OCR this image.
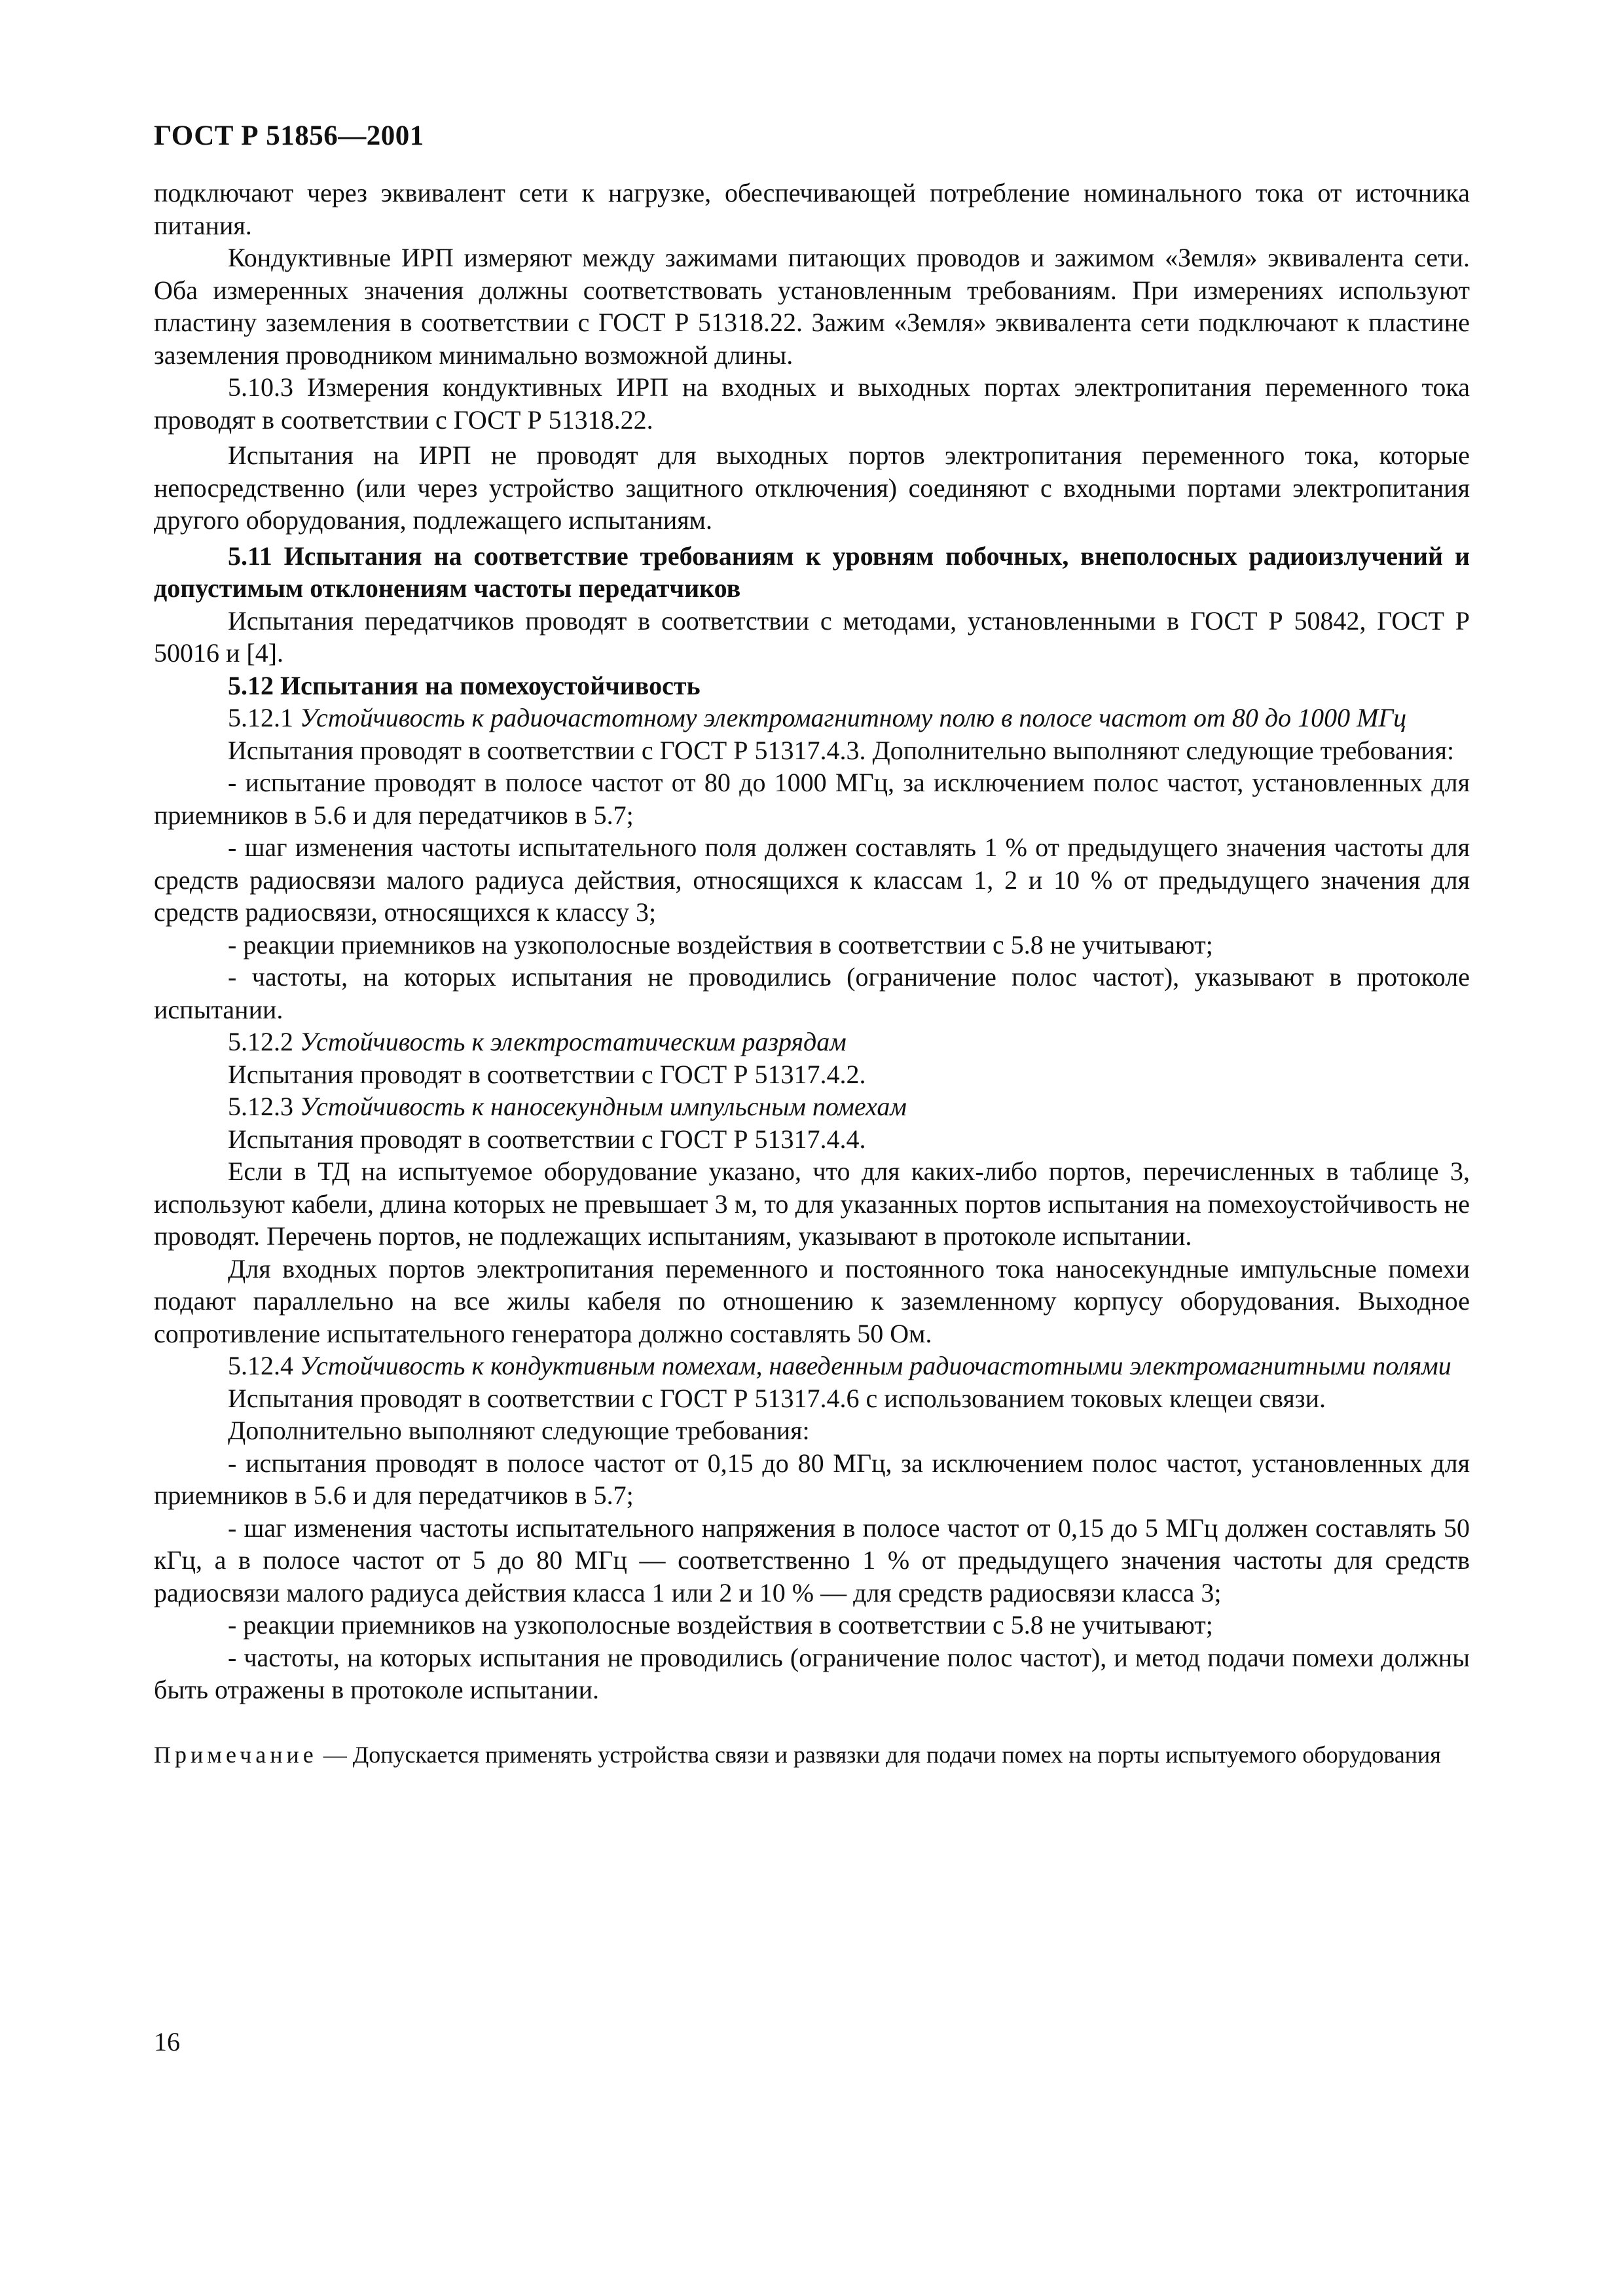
ГОСТ Р 51856—2001

подключают через эквивалент сети к нагрузке, обеспечивающей потребление номинального тока от источника питания.

Кондуктивные ИРП измеряют между зажимами питающих проводов и зажимом «Земля» эквивалента сети. Оба измеренных значения должны соответствовать установленным требованиям. При измерениях используют пластину заземления в соответствии с ГОСТ Р 51318.22. Зажим «Земля» эквивалента сети подключают к пластине заземления проводником минимально возможной длины.

5.10.3 Измерения кондуктивных ИРП на входных и выходных портах электропитания переменного тока проводят в соответствии с ГОСТ Р 51318.22.

Испытания на ИРП не проводят для выходных портов электропитания переменного тока, которые непосредственно (или через устройство защитного отключения) соединяют с входными портами электропитания другого оборудования, подлежащего испытаниям.

5.11 Испытания на соответствие требованиям к уровням побочных, внеполосных радиоизлучений и допустимым отклонениям частоты передатчиков

Испытания передатчиков проводят в соответствии с методами, установленными в ГОСТ Р 50842, ГОСТ Р 50016 и [4].

5.12 Испытания на помехоустойчивость

5.12.1 Устойчивость к радиочастотному электромагнитному полю в полосе частот от 80 до 1000 МГц

Испытания проводят в соответствии с ГОСТ Р 51317.4.3. Дополнительно выполняют следующие требования:

- испытание проводят в полосе частот от 80 до 1000 МГц, за исключением полос частот, установленных для приемников в 5.6 и для передатчиков в 5.7;

- шаг изменения частоты испытательного поля должен составлять 1 % от предыдущего значения частоты для средств радиосвязи малого радиуса действия, относящихся к классам 1, 2 и 10 % от предыдущего значения для средств радиосвязи, относящихся к классу 3;

- реакции приемников на узкополосные воздействия в соответствии с 5.8 не учитывают;

- частоты, на которых испытания не проводились (ограничение полос частот), указывают в протоколе испытании.

5.12.2 Устойчивость к электростатическим разрядам

Испытания проводят в соответствии с ГОСТ Р 51317.4.2.

5.12.3 Устойчивость к наносекундным импульсным помехам

Испытания проводят в соответствии с ГОСТ Р 51317.4.4.

Если в ТД на испытуемое оборудование указано, что для каких-либо портов, перечисленных в таблице 3, используют кабели, длина которых не превышает 3 м, то для указанных портов испытания на помехоустойчивость не проводят. Перечень портов, не подлежащих испытаниям, указывают в протоколе испытании.

Для входных портов электропитания переменного и постоянного тока наносекундные импульсные помехи подают параллельно на все жилы кабеля по отношению к заземленному корпусу оборудования. Выходное сопротивление испытательного генератора должно составлять 50 Ом.

5.12.4 Устойчивость к кондуктивным помехам, наведенным радиочастотными электромагнитными полями

Испытания проводят в соответствии с ГОСТ Р 51317.4.6 с использованием токовых клещеи связи.

Дополнительно выполняют следующие требования:

- испытания проводят в полосе частот от 0,15 до 80 МГц, за исключением полос частот, установленных для приемников в 5.6 и для передатчиков в 5.7;

- шаг изменения частоты испытательного напряжения в полосе частот от 0,15 до 5 МГц должен составлять 50 кГц, а в полосе частот от 5 до 80 МГц — соответственно 1 % от предыдущего значения частоты для средств радиосвязи малого радиуса действия класса 1 или 2 и 10 % — для средств радиосвязи класса 3;

- реакции приемников на узкополосные воздействия в соответствии с 5.8 не учитывают;

- частоты, на которых испытания не проводились (ограничение полос частот), и метод подачи помехи должны быть отражены в протоколе испытании.

Примечание — Допускается применять устройства связи и развязки для подачи помех на порты испытуемого оборудования

16
